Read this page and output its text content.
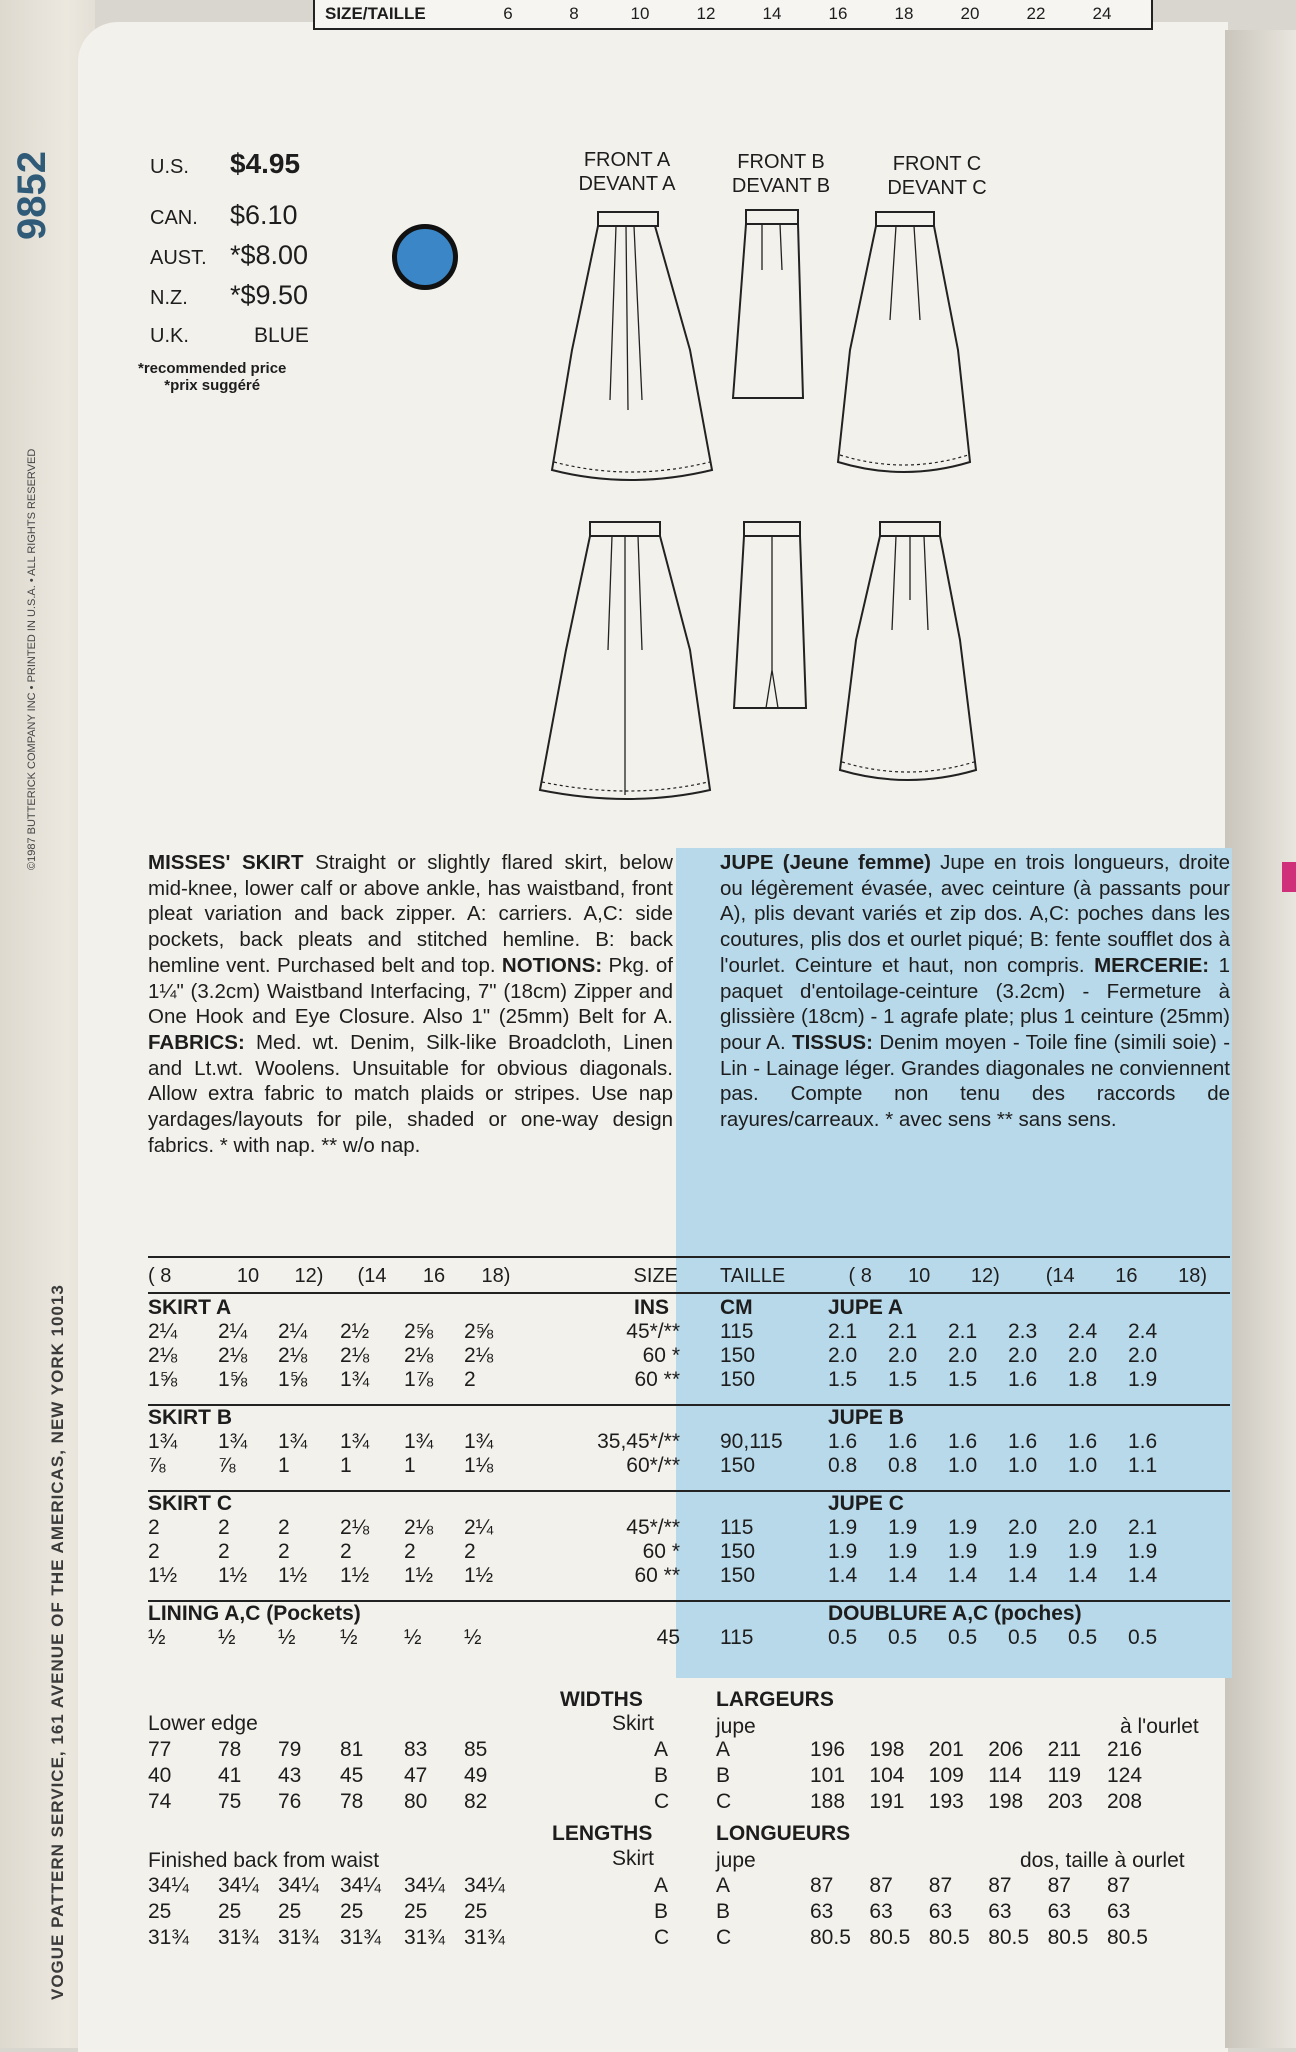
VOGUE PATTERN SERVICE, 161 AVENUE OF THE AMERICAS, NEW YORK 10013
9852
©1987 BUTTERICK COMPANY INC • PRINTED IN U.S.A. • ALL RIGHTS RESERVED
SIZE/TAILLE	6	8	10	12	14	16	18	20	22	24
U.S. $4.95
CAN. $6.10
AUST. *$8.00
N.Z. *$9.50
U.K.	BLUE
*recommended price
*prix suggéré
FRONT A
DEVANT A
FRONT B
DEVANT B
FRONT C
DEVANT C
MISSES' SKIRT Straight or slightly flared skirt, below mid-knee, lower calf or above ankle, has waistband, front pleat variation and back zipper. A: carriers. A,C: side pockets, back pleats and stitched hemline. B: back hemline vent. Purchased belt and top. NOTIONS: Pkg. of 1¼" (3.2cm) Waistband Interfacing, 7" (18cm) Zipper and One Hook and Eye Closure. Also 1" (25mm) Belt for A. FABRICS: Med. wt. Denim, Silk-like Broadcloth, Linen and Lt.wt. Woolens. Unsuitable for obvious diagonals. Allow extra fabric to match plaids or stripes. Use nap yardages/layouts for pile, shaded or one-way design fabrics. * with nap. ** w/o nap.
JUPE (Jeune femme) Jupe en trois longueurs, droite ou légèrement évasée, avec ceinture (à passants pour A), plis devant variés et zip dos. A,C: poches dans les coutures, plis dos et ourlet piqué; B: fente soufflet dos à l'ourlet. Ceinture et haut, non compris. MERCERIE: 1 paquet d'entoilage-ceinture (3.2cm) - Fermeture à glissière (18cm) - 1 agrafe plate; plus 1 ceinture (25mm) pour A. TISSUS: Denim moyen - Toile fine (simili soie) - Lin - Lainage léger. Grandes diagonales ne conviennent pas. Compte non tenu des raccords de rayures/carreaux. * avec sens ** sans sens.
( 8	10	12)	(14	16	18)	SIZE TAILLE	( 8	10	12)	(14	16	18)
WIDTHS	LARGEURS
Skirt	jupe
Lower edge	à l'ourlet
LENGTHS	LONGUEURS
Skirt	jupe
Finished back from waist	dos, taille à ourlet
SKIRT A	JUPE A
INS CM
2¼	2¼	2¼	2½	2⅝	2⅝	45*/** 115	2.1	2.1	2.1	2.3	2.4	2.4
2⅛	2⅛	2⅛	2⅛	2⅛	2⅛	60 * 150	2.0	2.0	2.0	2.0	2.0	2.0
1⅝	1⅝	1⅝	1¾	1⅞	2	60 ** 150	1.5	1.5	1.5	1.6	1.8	1.9
SKIRT B	JUPE B
1¾	1¾	1¾	1¾	1¾	1¾	35,45*/** 90,115 1.6	1.6	1.6	1.6	1.6	1.6
⅞	⅞	1	1	1	1⅛	60*/** 150	0.8	0.8	1.0	1.0	1.0	1.1
SKIRT C	JUPE C
2	2	2	2⅛	2⅛	2¼	45*/** 115	1.9	1.9	1.9	2.0	2.0	2.1
2	2	2	2	2	2	60 * 150	1.9	1.9	1.9	1.9	1.9	1.9
1½	1½	1½	1½	1½	1½	60 ** 150	1.4	1.4	1.4	1.4	1.4	1.4
LINING A,C (Pockets)	DOUBLURE A,C (poches)
½	½	½	½	½	½	45 115	0.5	0.5	0.5	0.5	0.5	0.5
77	78	79	81	83	85	A A	196	198	201	206	211	216
40	41	43	45	47	49	B B	101	104	109	114	119	124
74	75	76	78	80	82	C C	188	191	193	198	203	208
34¼	34¼ 34¼	34¼	34¼ 34¼	A A	87	87	87	87	87	87
25	25	25	25	25	25	B B	63	63	63	63	63	63
31¾	31¾ 31¾	31¾	31¾ 31¾	C C	80.5 80.5 80.5 80.5 80.5 80.5
